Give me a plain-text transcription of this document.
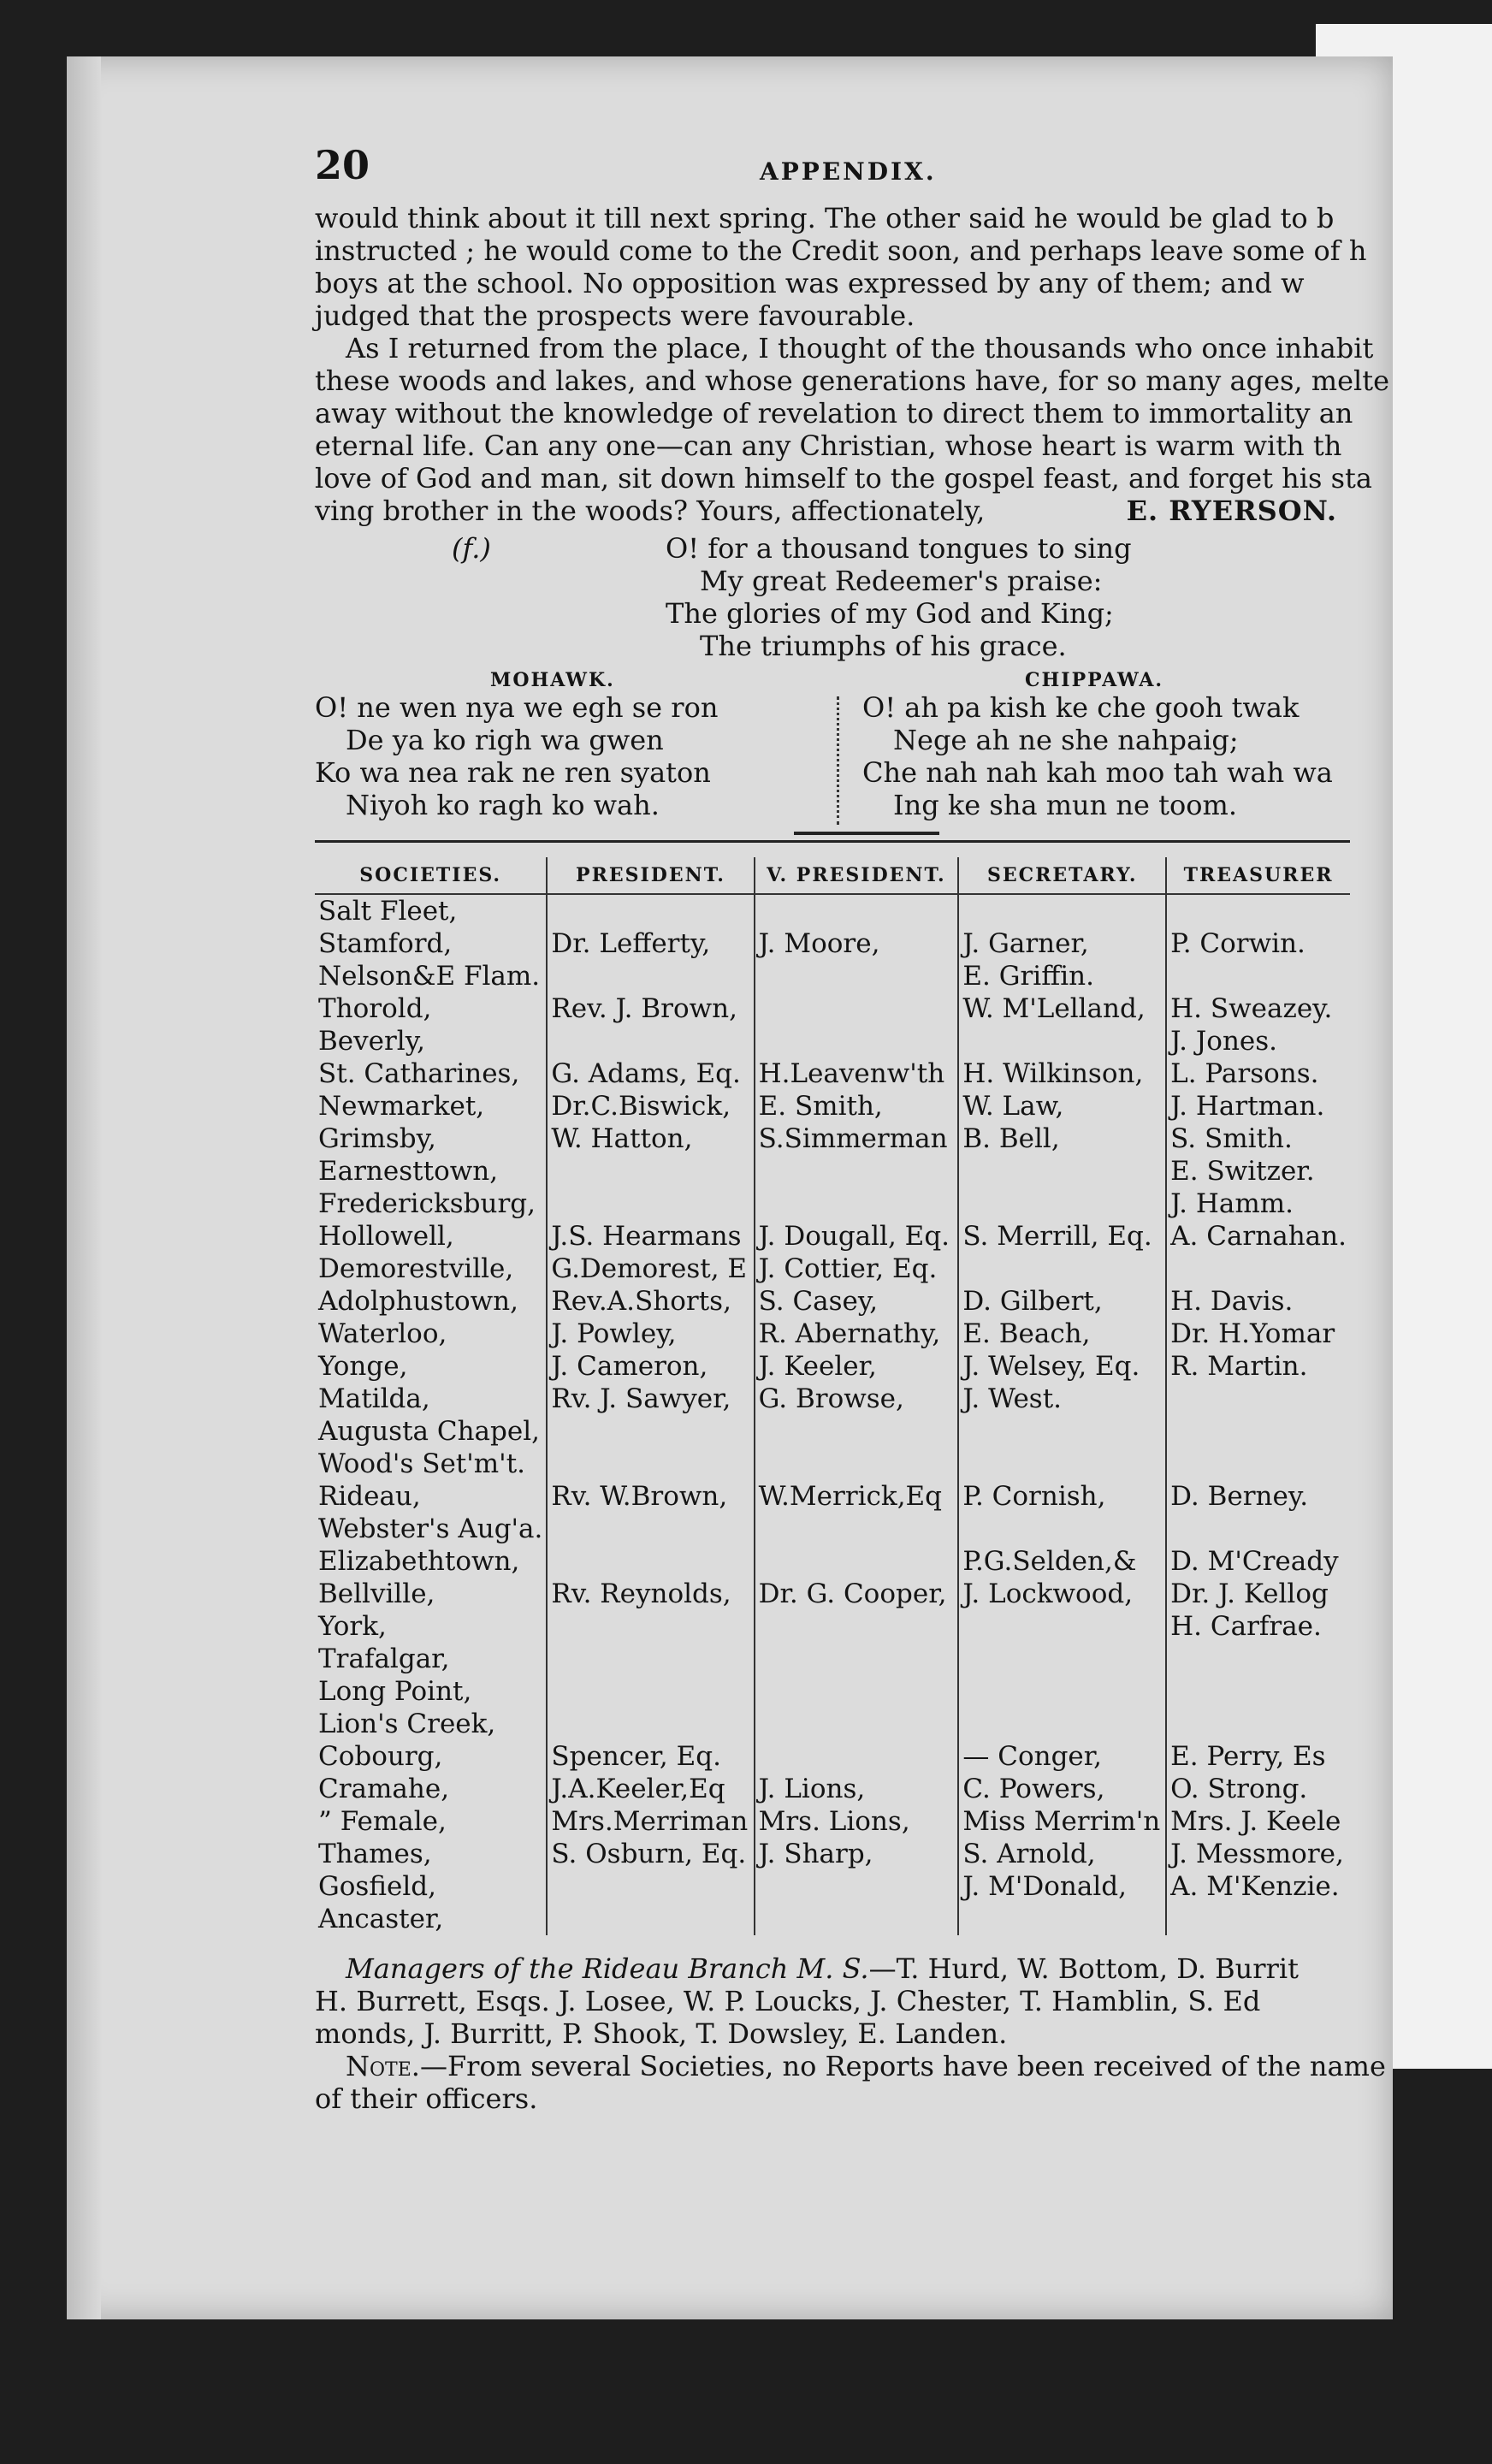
20	APPENDIX.

would think about it till next spring. The other said he would be glad to b

instructed ; he would come to the Credit soon, and perhaps leave some of h

boys at the school. No opposition was expressed by any of them; and w

judged that the prospects were favourable.

As I returned from the place, I thought of the thousands who once inhabit

these woods and lakes, and whose generations have, for so many ages, melte

away without the knowledge of revelation to direct them to immortality an

eternal life. Can any one—can any Christian, whose heart is warm with th

love of God and man, sit down himself to the gospel feast, and forget his sta

ving brother in the woods? Yours, affectionately,	E. RYERSON.

(f.)	O! for a thousand tongues to sing
My great Redeemer's praise:
The glories of my God and King;
The triumphs of his grace.
MOHAWK.
O! ne wen nya we egh se ron
De ya ko righ wa gwen
Ko wa nea rak ne ren syaton
Niyoh ko ragh ko wah.
CHIPPAWA.
O! ah pa kish ke che gooh twak
Nege ah ne she nahpaig;
Che nah nah kah moo tah wah wa
Ing ke sha mun ne toom.
SOCIETIES.	PRESIDENT.	V. PRESIDENT.	SECRETARY.	TREASURER
Salt Fleet,				
Stamford,	Dr. Lefferty,	J. Moore,	J. Garner,	P. Corwin.
Nelson&E Flam.			E. Griffin.	
Thorold,	Rev. J. Brown,		W. M'Lelland,	H. Sweazey.
Beverly,				J. Jones.
St. Catharines,	G. Adams, Eq.	H.Leavenw'th	H. Wilkinson,	L. Parsons.
Newmarket,	Dr.C.Biswick,	E. Smith,	W. Law,	J. Hartman.
Grimsby,	W. Hatton,	S.Simmerman	B. Bell,	S. Smith.
Earnesttown,				E. Switzer.
Fredericksburg,				J. Hamm.
Hollowell,	J.S. Hearmans	J. Dougall, Eq.	S. Merrill, Eq.	A. Carnahan.
Demorestville,	G.Demorest, E	J. Cottier, Eq.		
Adolphustown,	Rev.A.Shorts,	S. Casey,	D. Gilbert,	H. Davis.
Waterloo,	J. Powley,	R. Abernathy,	E. Beach,	Dr. H.Yomar
Yonge,	J. Cameron,	J. Keeler,	J. Welsey, Eq.	R. Martin.
Matilda,	Rv. J. Sawyer,	G. Browse,	J. West.	
Augusta Chapel,				
Wood's Set'm't.				
Rideau,	Rv. W.Brown,	W.Merrick,Eq	P. Cornish,	D. Berney.
Webster's Aug'a.				
Elizabethtown,			P.G.Selden,&	D. M'Cready
Bellville,	Rv. Reynolds,	Dr. G. Cooper,	J. Lockwood,	Dr. J. Kellog
York,				H. Carfrae.
Trafalgar,				
Long Point,				
Lion's Creek,				
Cobourg,	Spencer, Eq.		— Conger,	E. Perry, Es
Cramahe,	J.A.Keeler,Eq	J. Lions,	C. Powers,	O. Strong.
” Female,	Mrs.Merriman	Mrs. Lions,	Miss Merrim'n	Mrs. J. Keele
Thames,	S. Osburn, Eq.	J. Sharp,	S. Arnold,	J. Messmore,
Gosfield,			J. M'Donald,	A. M'Kenzie.
Ancaster,				

Managers of the Rideau Branch M. S.—T. Hurd, W. Bottom, D. Burrit

H. Burrett, Esqs. J. Losee, W. P. Loucks, J. Chester, T. Hamblin, S. Ed

monds, J. Burritt, P. Shook, T. Dowsley, E. Landen.

Note.—From several Societies, no Reports have been received of the name

of their officers.
